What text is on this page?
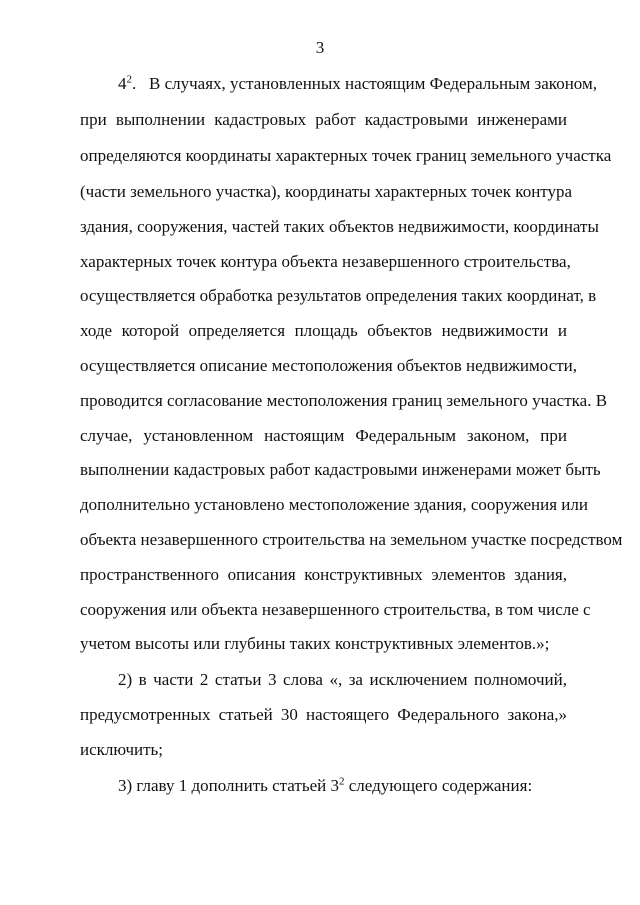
3
$4^2$. В случаях, установленных настоящим Федеральным законом,
при выполнении кадастровых работ кадастровыми инженерами
определяются координаты характерных точек границ земельного участка
(части земельного участка), координаты характерных точек контура
здания, сооружения, частей таких объектов недвижимости, координаты
характерных точек контура объекта незавершенного строительства,
осуществляется обработка результатов определения таких координат, в
ходе которой определяется площадь объектов недвижимости и
осуществляется описание местоположения объектов недвижимости,
проводится согласование местоположения границ земельного участка. В
случае, установленном настоящим Федеральным законом, при
выполнении кадастровых работ кадастровыми инженерами может быть
дополнительно установлено местоположение здания, сооружения или
объекта незавершенного строительства на земельном участке посредством
пространственного описания конструктивных элементов здания,
сооружения или объекта незавершенного строительства, в том числе с
учетом высоты или глубины таких конструктивных элементов.»;
2) в части 2 статьи 3 слова «, за исключением полномочий,
предусмотренных статьей 30 настоящего Федерального закона,»
исключить;
3) главу 1 дополнить статьей $3^2$ следующего содержания:
